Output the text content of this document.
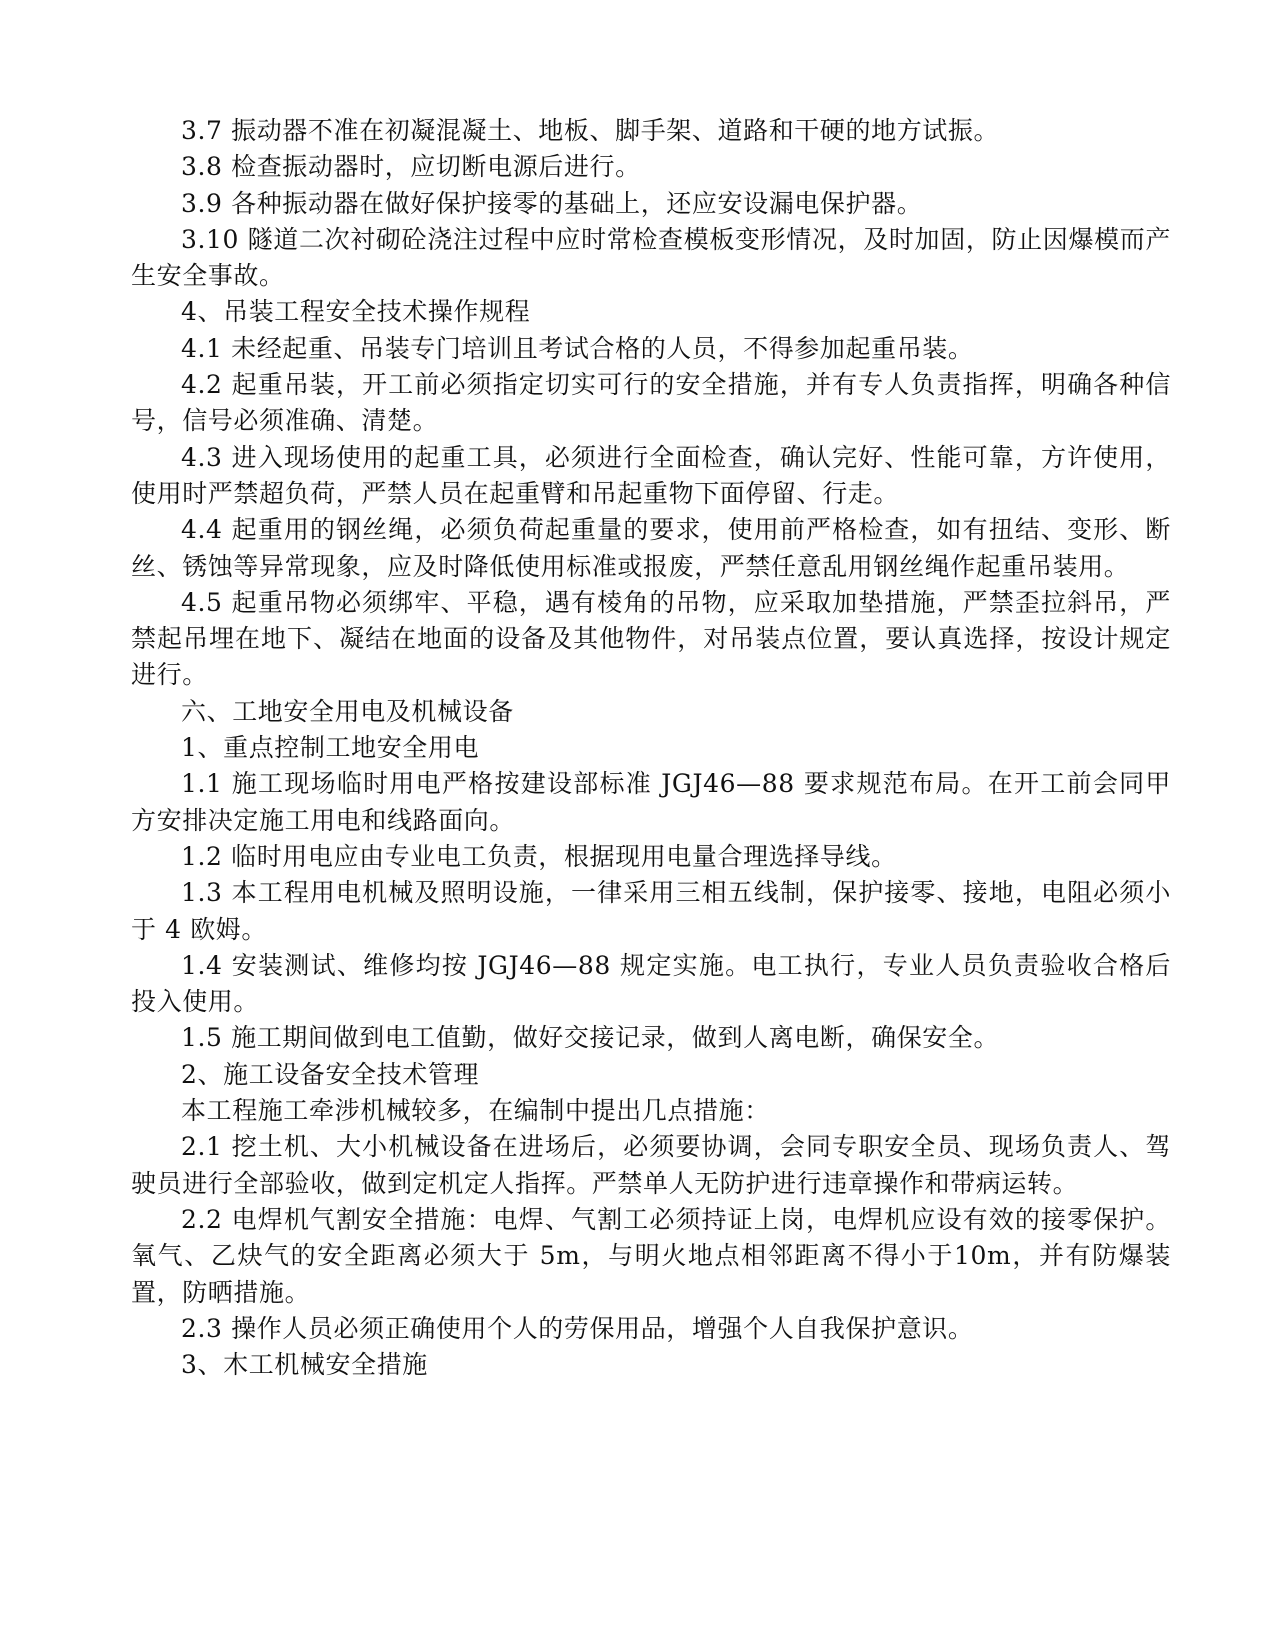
3.7 振动器不准在初凝混凝土、地板、脚手架、道路和干硬的地方试振。

3.8 检查振动器时，应切断电源后进行。

3.9 各种振动器在做好保护接零的基础上，还应安设漏电保护器。

3.10 隧道二次衬砌砼浇注过程中应时常检查模板变形情况，及时加固，防止因爆模而产生安全事故。

4、吊装工程安全技术操作规程

4.1 未经起重、吊装专门培训且考试合格的人员，不得参加起重吊装。

4.2 起重吊装，开工前必须指定切实可行的安全措施，并有专人负责指挥，明确各种信号，信号必须准确、清楚。

4.3 进入现场使用的起重工具，必须进行全面检查，确认完好、性能可靠，方许使用，使用时严禁超负荷，严禁人员在起重臂和吊起重物下面停留、行走。

4.4 起重用的钢丝绳，必须负荷起重量的要求，使用前严格检查，如有扭结、变形、断丝、锈蚀等异常现象，应及时降低使用标准或报废，严禁任意乱用钢丝绳作起重吊装用。

4.5 起重吊物必须绑牢、平稳，遇有棱角的吊物，应采取加垫措施，严禁歪拉斜吊，严禁起吊埋在地下、凝结在地面的设备及其他物件，对吊装点位置，要认真选择，按设计规定进行。

六、工地安全用电及机械设备

1、重点控制工地安全用电

1.1 施工现场临时用电严格按建设部标准 JGJ46—88 要求规范布局。在开工前会同甲方安排决定施工用电和线路面向。

1.2 临时用电应由专业电工负责，根据现用电量合理选择导线。

1.3 本工程用电机械及照明设施，一律采用三相五线制，保护接零、接地，电阻必须小于 4 欧姆。

1.4 安装测试、维修均按 JGJ46—88 规定实施。电工执行，专业人员负责验收合格后投入使用。

1.5 施工期间做到电工值勤，做好交接记录，做到人离电断，确保安全。

2、施工设备安全技术管理

本工程施工牵涉机械较多，在编制中提出几点措施：

2.1 挖土机、大小机械设备在进场后，必须要协调，会同专职安全员、现场负责人、驾驶员进行全部验收，做到定机定人指挥。严禁单人无防护进行违章操作和带病运转。

2.2 电焊机气割安全措施：电焊、气割工必须持证上岗，电焊机应设有效的接零保护。氧气、乙炔气的安全距离必须大于 5m，与明火地点相邻距离不得小于10m，并有防爆装置，防晒措施。

2.3 操作人员必须正确使用个人的劳保用品，增强个人自我保护意识。

3、木工机械安全措施
